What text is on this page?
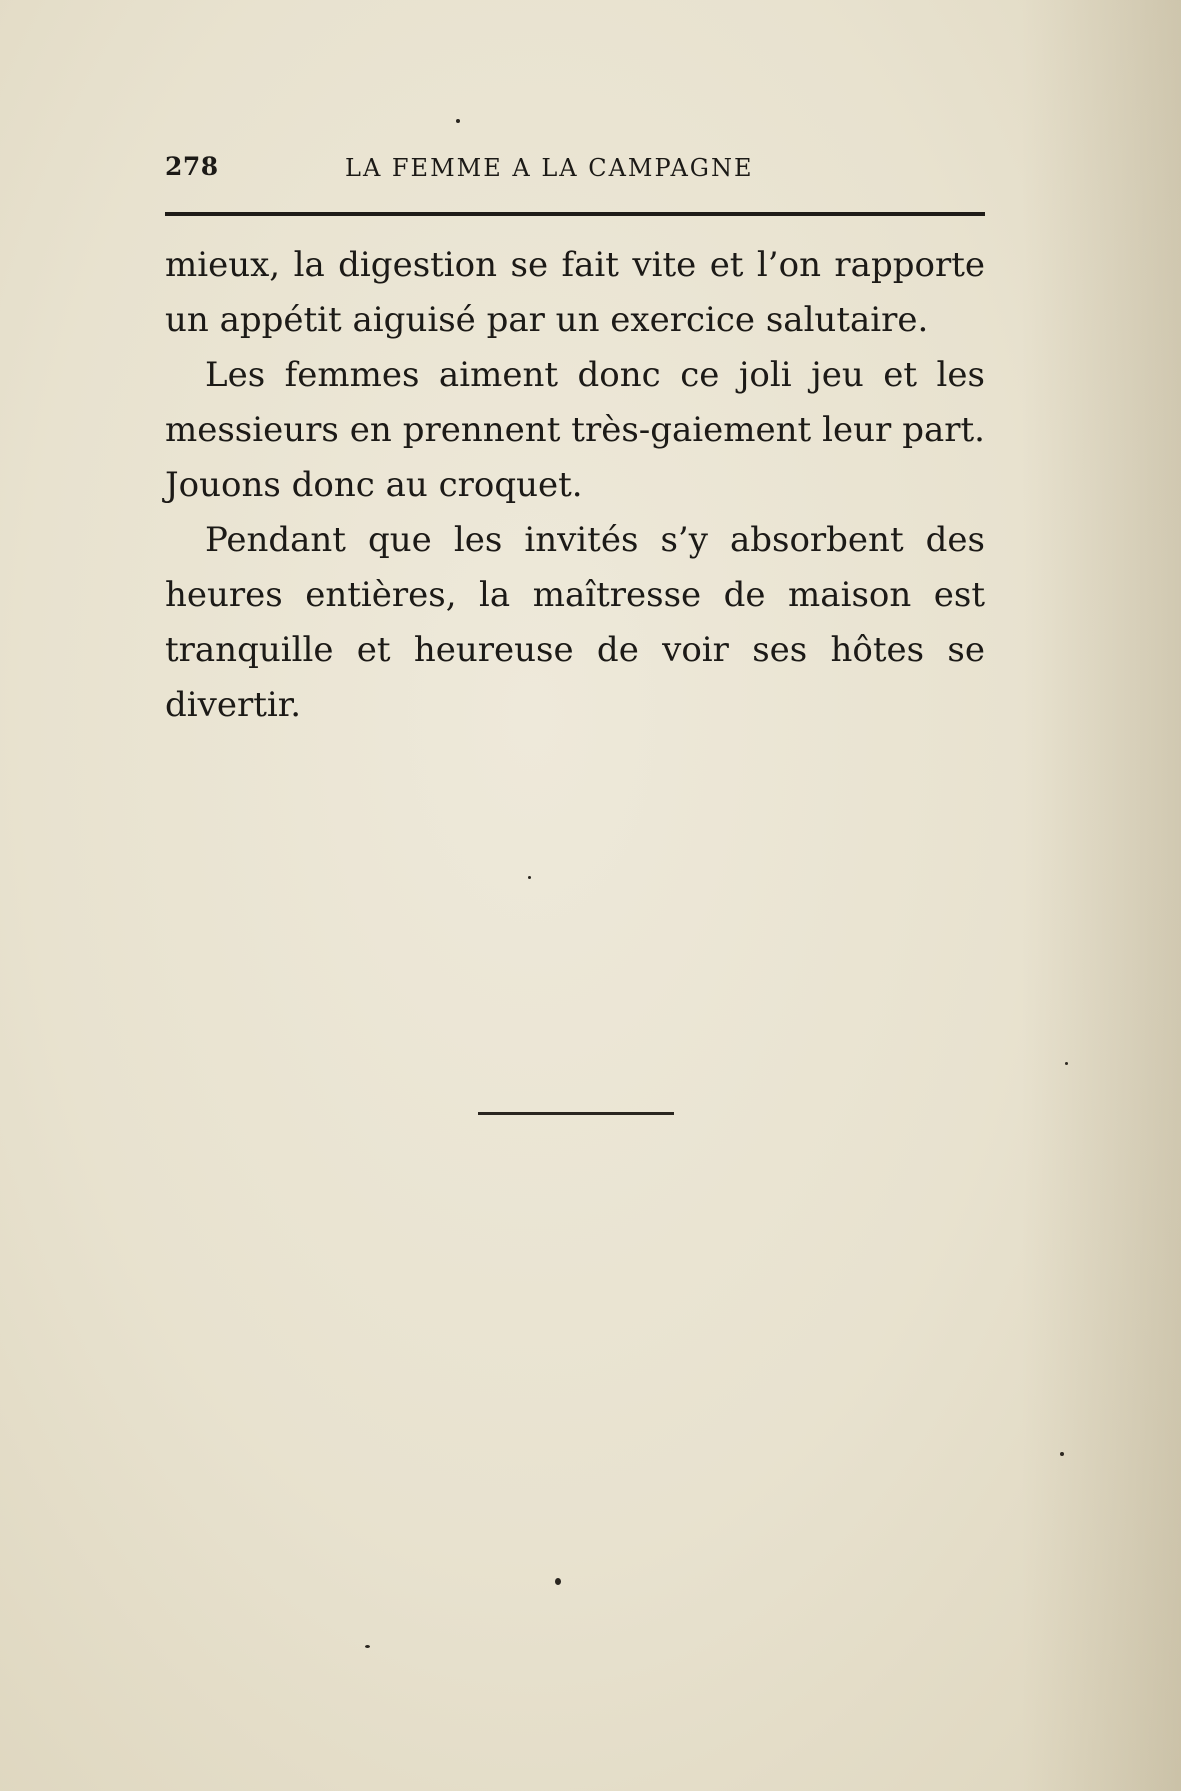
278	LA FEMME A LA CAMPAGNE

mieux, la digestion se fait vite et l’on rapporte un appétit aiguisé par un exercice salutaire.

Les femmes aiment donc ce joli jeu et les messieurs en prennent très-gaiement leur part. Jouons donc au croquet.

Pendant que les invités s’y absorbent des heures entières, la maîtresse de maison est tranquille et heureuse de voir ses hôtes se divertir.
